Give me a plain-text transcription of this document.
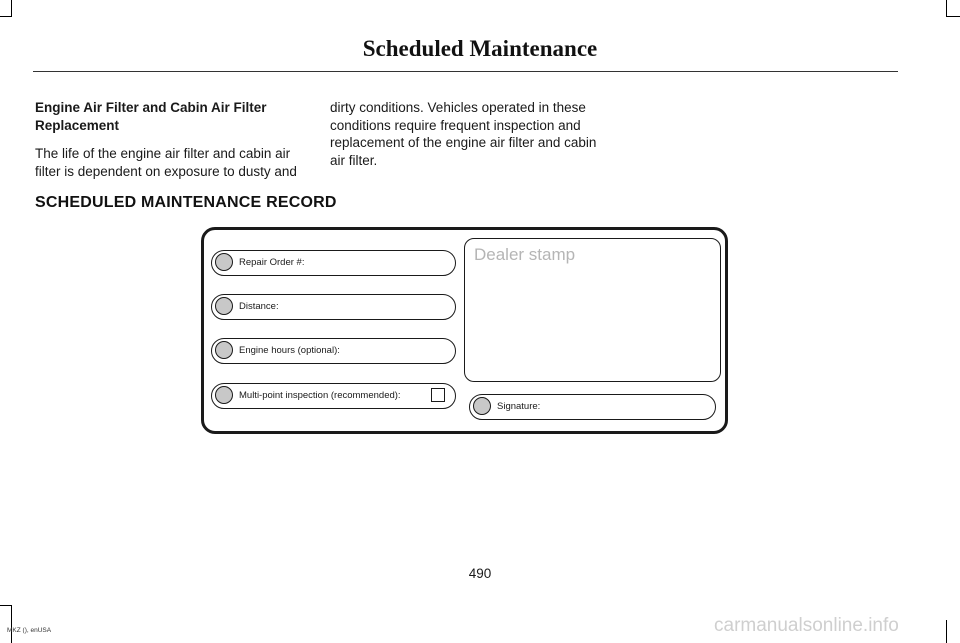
Scheduled Maintenance

Engine Air Filter and Cabin Air Filter Replacement

The life of the engine air filter and cabin air filter is dependent on exposure to dusty and

dirty conditions. Vehicles operated in these conditions require frequent inspection and replacement of the engine air filter and cabin air filter.

SCHEDULED MAINTENANCE RECORD
Repair Order #:
Distance:
Engine hours (optional):
Multi-point inspection (recommended):
Dealer stamp
Signature:
490
MKZ (), enUSA	carmanualsonline.info
